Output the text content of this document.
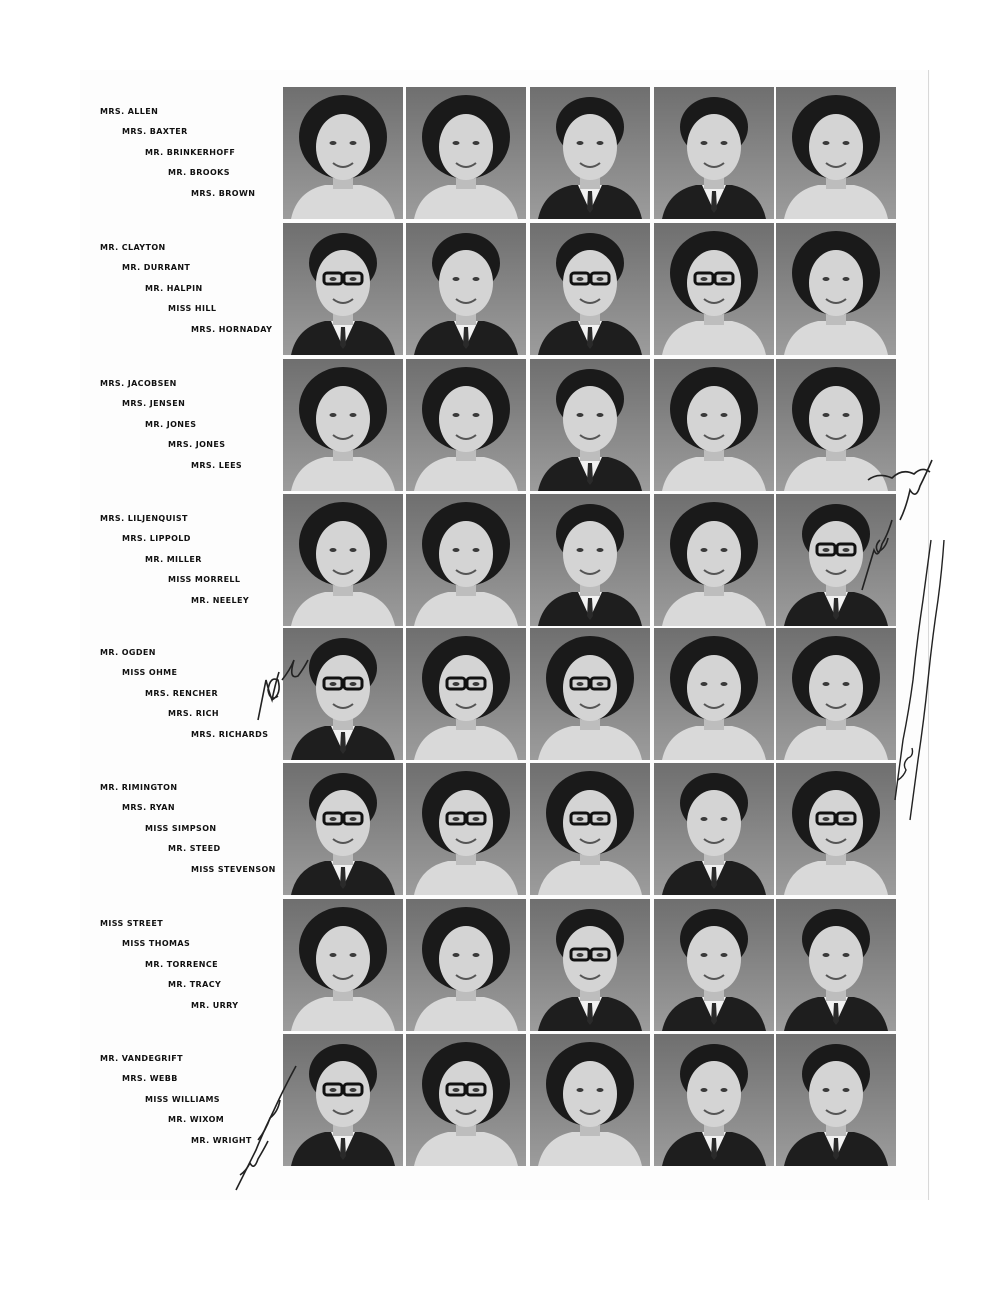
MRS. ALLEN
MRS. BAXTER
MR. BRINKERHOFF
MR. BROOKS
MRS. BROWN
MR. CLAYTON
MR. DURRANT
MR. HALPIN
MISS HILL
MRS. HORNADAY
MRS. JACOBSEN
MRS. JENSEN
MR. JONES
MRS. JONES
MRS. LEES
MRS. LILJENQUIST
MRS. LIPPOLD
MR. MILLER
MISS MORRELL
MR. NEELEY
MR. OGDEN
MISS OHME
MRS. RENCHER
MRS. RICH
MRS. RICHARDS
MR. RIMINGTON
MRS. RYAN
MISS SIMPSON
MR. STEED
MISS STEVENSON
MISS STREET
MISS THOMAS
MR. TORRENCE
MR. TRACY
MR. URRY
MR. VANDEGRIFT
MRS. WEBB
MISS WILLIAMS
MR. WIXOM
MR. WRIGHT
